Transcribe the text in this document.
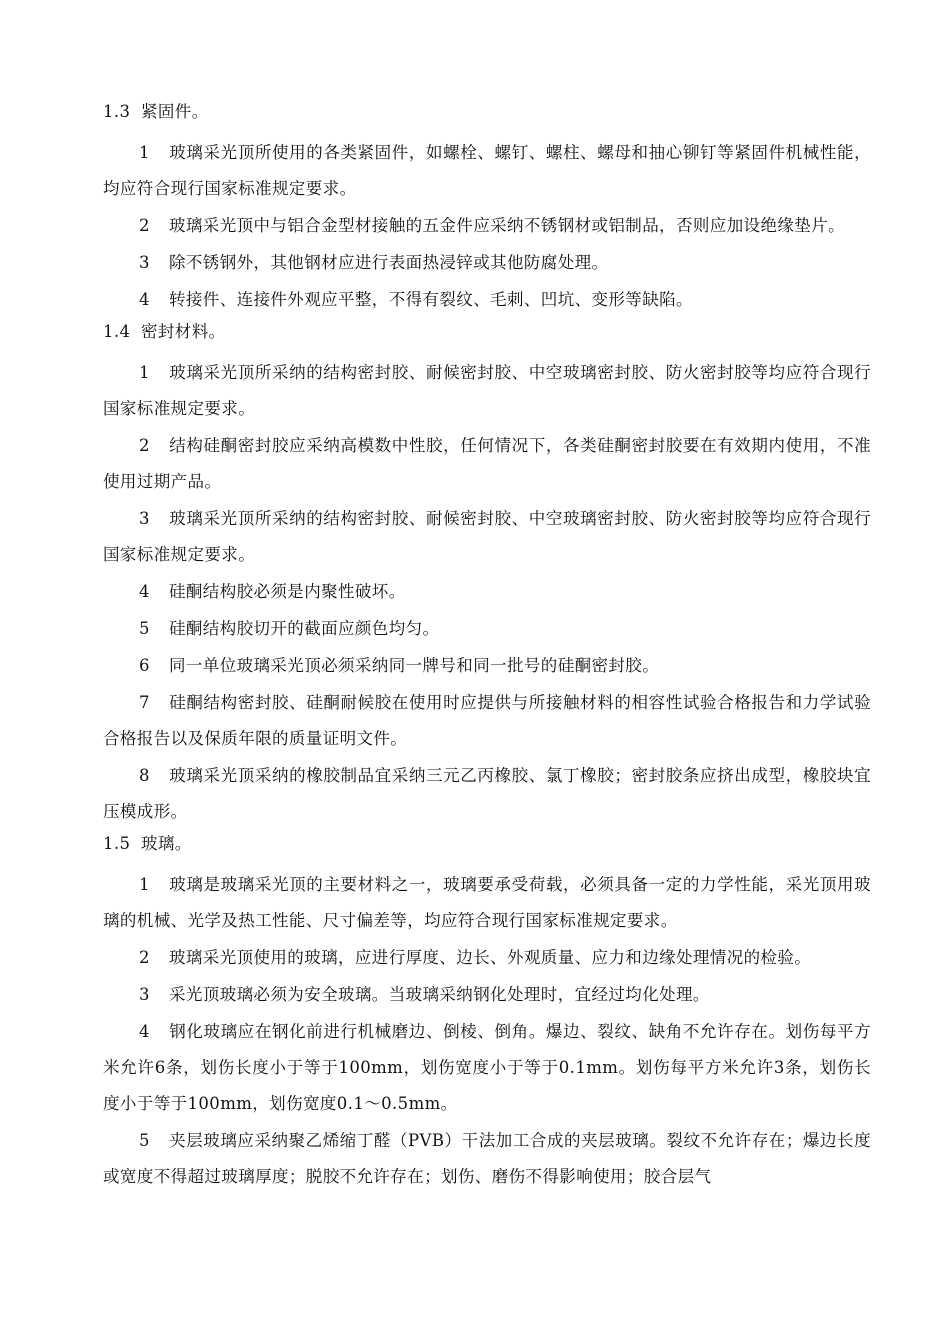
1.3 紧固件。
1 玻璃采光顶所使用的各类紧固件，如螺栓、螺钉、螺柱、螺母和抽心铆钉等紧固件机械性能，均应符合现行国家标准规定要求。
2 玻璃采光顶中与铝合金型材接触的五金件应采纳不锈钢材或铝制品，否则应加设绝缘垫片。
3 除不锈钢外，其他钢材应进行表面热浸锌或其他防腐处理。
4 转接件、连接件外观应平整，不得有裂纹、毛刺、凹坑、变形等缺陷。
1.4 密封材料。
1 玻璃采光顶所采纳的结构密封胶、耐候密封胶、中空玻璃密封胶、防火密封胶等均应符合现行国家标准规定要求。
2 结构硅酮密封胶应采纳高模数中性胶，任何情况下，各类硅酮密封胶要在有效期内使用，不准使用过期产品。
3 玻璃采光顶所采纳的结构密封胶、耐候密封胶、中空玻璃密封胶、防火密封胶等均应符合现行国家标准规定要求。
4 硅酮结构胶必须是内聚性破坏。
5 硅酮结构胶切开的截面应颜色均匀。
6 同一单位玻璃采光顶必须采纳同一牌号和同一批号的硅酮密封胶。
7 硅酮结构密封胶、硅酮耐候胶在使用时应提供与所接触材料的相容性试验合格报告和力学试验合格报告以及保质年限的质量证明文件。
8 玻璃采光顶采纳的橡胶制品宜采纳三元乙丙橡胶、氯丁橡胶；密封胶条应挤出成型，橡胶块宜压模成形。
1.5 玻璃。
1 玻璃是玻璃采光顶的主要材料之一，玻璃要承受荷载，必须具备一定的力学性能，采光顶用玻璃的机械、光学及热工性能、尺寸偏差等，均应符合现行国家标准规定要求。
2 玻璃采光顶使用的玻璃，应进行厚度、边长、外观质量、应力和边缘处理情况的检验。
3 采光顶玻璃必须为安全玻璃。当玻璃采纳钢化处理时，宜经过均化处理。
4 钢化玻璃应在钢化前进行机械磨边、倒棱、倒角。爆边、裂纹、缺角不允许存在。划伤每平方米允许6条，划伤长度小于等于100mm，划伤宽度小于等于0.1mm。划伤每平方米允许3条，划伤长度小于等于100mm，划伤宽度0.1～0.5mm。
5 夹层玻璃应采纳聚乙烯缩丁醛（PVB）干法加工合成的夹层玻璃。裂纹不允许存在；爆边长度或宽度不得超过玻璃厚度；脱胶不允许存在；划伤、磨伤不得影响使用；胶合层气
